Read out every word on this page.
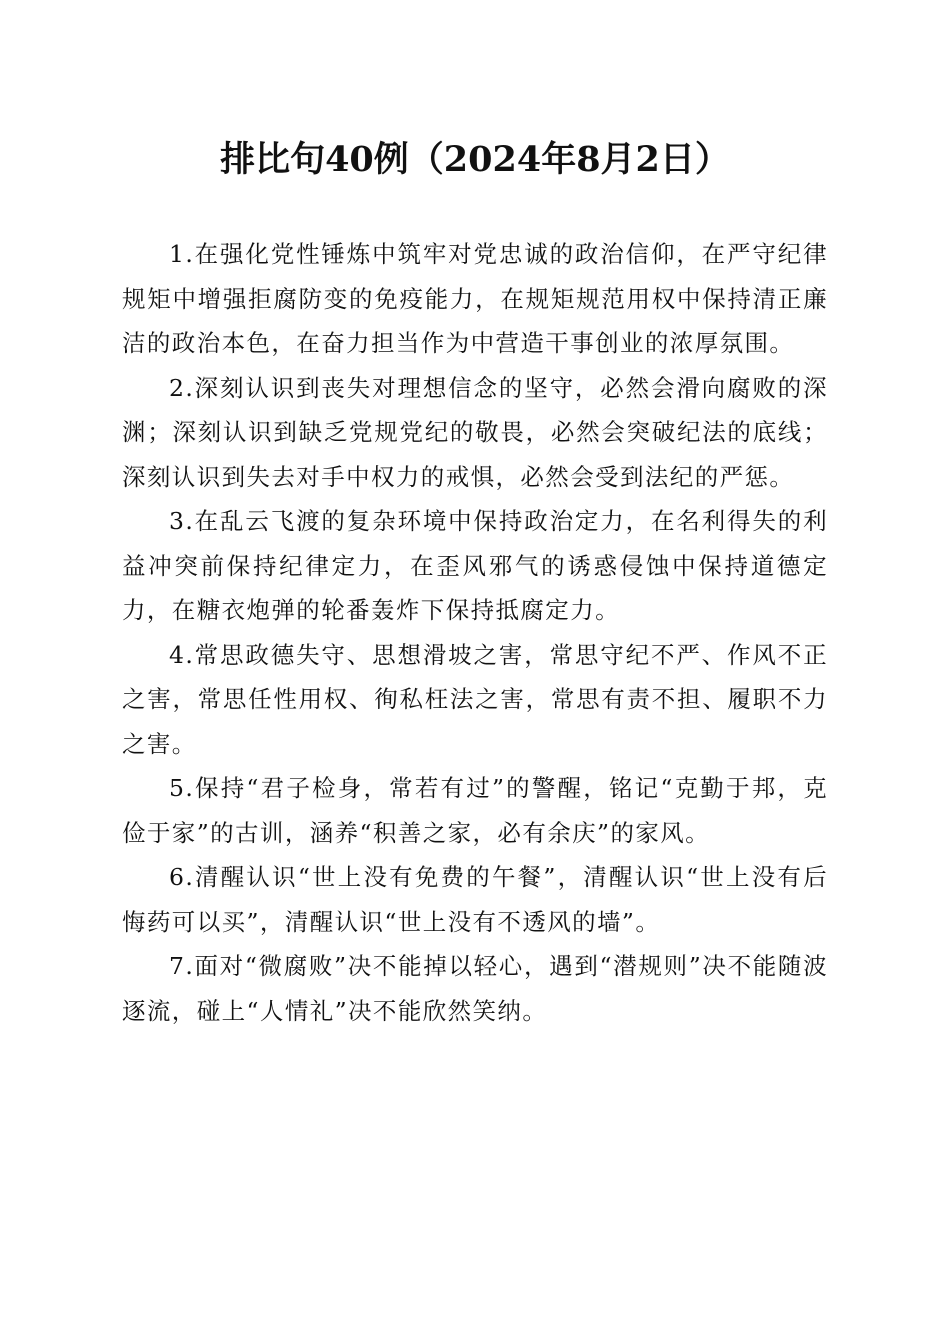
排比句40例（2024年8月2日）

1.在强化党性锤炼中筑牢对党忠诚的政治信仰，在严守纪律规矩中增强拒腐防变的免疫能力，在规矩规范用权中保持清正廉洁的政治本色，在奋力担当作为中营造干事创业的浓厚氛围。

2.深刻认识到丧失对理想信念的坚守，必然会滑向腐败的深渊；深刻认识到缺乏党规党纪的敬畏，必然会突破纪法的底线；深刻认识到失去对手中权力的戒惧，必然会受到法纪的严惩。

3.在乱云飞渡的复杂环境中保持政治定力，在名利得失的利益冲突前保持纪律定力，在歪风邪气的诱惑侵蚀中保持道德定力，在糖衣炮弹的轮番轰炸下保持抵腐定力。

4.常思政德失守、思想滑坡之害，常思守纪不严、作风不正之害，常思任性用权、徇私枉法之害，常思有责不担、履职不力之害。

5.保持“君子检身，常若有过”的警醒，铭记“克勤于邦，克俭于家”的古训，涵养“积善之家，必有余庆”的家风。

6.清醒认识“世上没有免费的午餐”，清醒认识“世上没有后悔药可以买”，清醒认识“世上没有不透风的墙”。

7.面对“微腐败”决不能掉以轻心，遇到“潜规则”决不能随波逐流，碰上“人情礼”决不能欣然笑纳。
